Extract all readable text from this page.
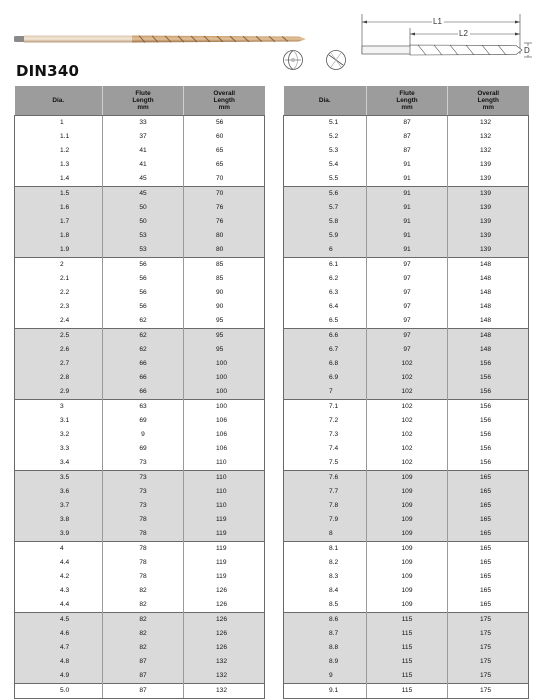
L1
L2
D
DIN340
Dia.	Flute
Length
mm	Overall
Length
mm

1	33	56
1.1	37	60
1.2	41	65
1.3	41	65
1.4	45	70
1.5	45	70
1.6	50	76
1.7	50	76
1.8	53	80
1.9	53	80
2	56	85
2.1	56	85
2.2	56	90
2.3	56	90
2.4	62	95
2.5	62	95
2.6	62	95
2.7	66	100
2.8	66	100
2.9	66	100
3	63	100
3.1	69	106
3.2	9	106
3.3	69	106
3.4	73	110
3.5	73	110
3.6	73	110
3.7	73	110
3.8	78	119
3.9	78	119
4	78	119
4.4	78	119
4.2	78	119
4.3	82	126
4.4	82	126
4.5	82	126
4.6	82	126
4.7	82	126
4.8	87	132
4.9	87	132
5.0	87	132
Dia.	Flute
Length
mm	Overall
Length
mm

5.1	87	132
5.2	87	132
5.3	87	132
5.4	91	139
5.5	91	139
5.6	91	139
5.7	91	139
5.8	91	139
5.9	91	139
6	91	139
6.1	97	148
6.2	97	148
6.3	97	148
6.4	97	148
6.5	97	148
6.6	97	148
6.7	97	148
6.8	102	156
6.9	102	156
7	102	156
7.1	102	156
7.2	102	156
7.3	102	156
7.4	102	156
7.5	102	156
7.6	109	165
7.7	109	165
7.8	109	165
7.9	109	165
8	109	165
8.1	109	165
8.2	109	165
8.3	109	165
8.4	109	165
8.5	109	165
8.6	115	175
8.7	115	175
8.8	115	175
8.9	115	175
9	115	175
9.1	115	175
